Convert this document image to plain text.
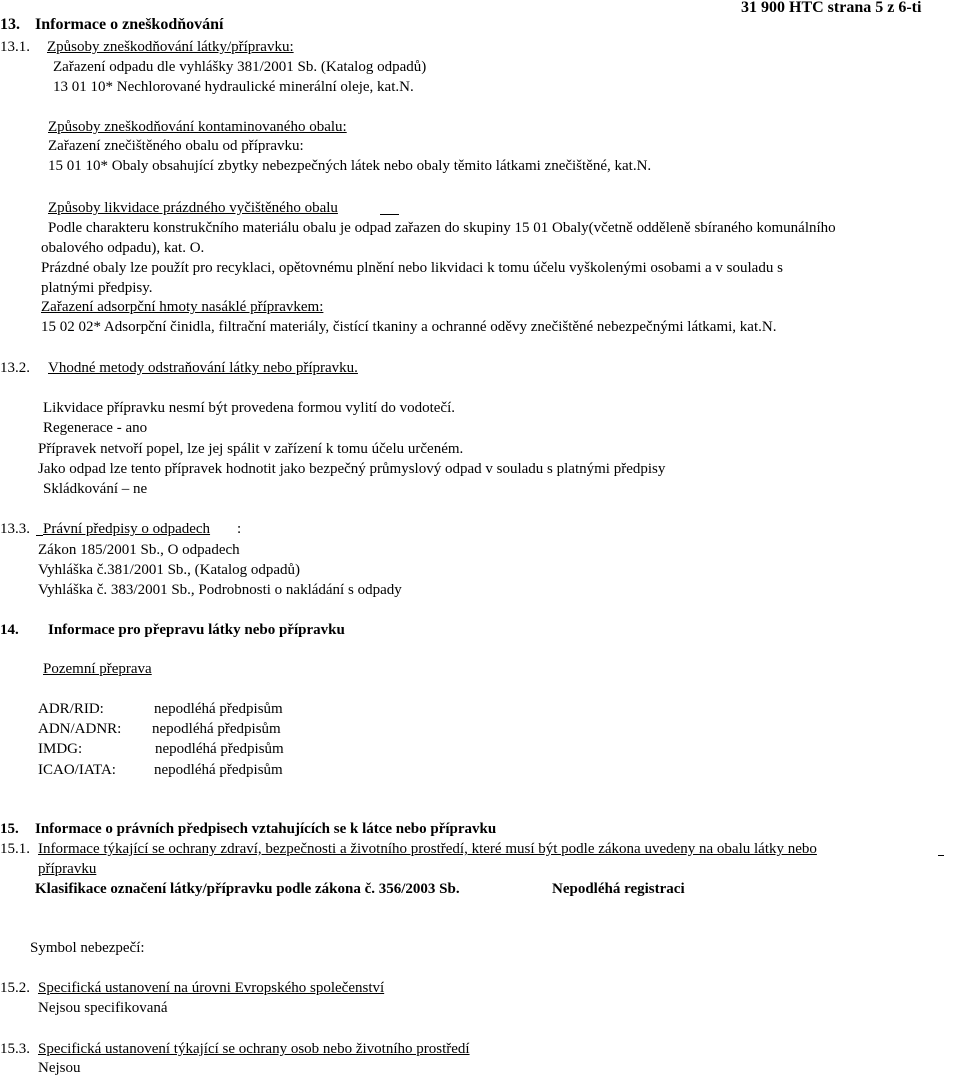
31 900 HTC strana 5 z 6-ti
13. Informace o zneškodňování
13.1. Způsoby zneškodňování látky/přípravku:
Zařazení odpadu dle vyhlášky 381/2001 Sb. (Katalog odpadů)
13 01 10* Nechlorované hydraulické minerální oleje, kat.N.
Způsoby zneškodňování kontaminovaného obalu:
Zařazení znečištěného obalu od přípravku:
15 01 10* Obaly obsahující zbytky nebezpečných látek nebo obaly těmito látkami znečištěné, kat.N.
Způsoby likvidace prázdného vyčištěného obalu
Podle charakteru konstrukčního materiálu obalu je odpad zařazen do skupiny 15 01 Obaly(včetně odděleně sbíraného komunálního
obalového odpadu), kat. O.
Prázdné obaly lze použít pro recyklaci, opětovnému plnění nebo likvidaci k tomu účelu vyškolenými osobami a v souladu s
platnými předpisy.
Zařazení adsorpční hmoty nasáklé přípravkem:
15 02 02* Adsorpční činidla, filtrační materiály, čistící tkaniny a ochranné oděvy znečištěné nebezpečnými látkami, kat.N.
13.2. Vhodné metody odstraňování látky nebo přípravku.
Likvidace přípravku nesmí být provedena formou vylití do vodotečí.
Regenerace - ano
Přípravek netvoří popel, lze jej spálit v zařízení k tomu účelu určeném.
Jako odpad lze tento přípravek hodnotit jako bezpečný průmyslový odpad v souladu s platnými předpisy
Skládkování – ne
13.3. Právní předpisy o odpadech :
Zákon 185/2001 Sb., O odpadech
Vyhláška č.381/2001 Sb., (Katalog odpadů)
Vyhláška č. 383/2001 Sb., Podrobnosti o nakládání s odpady
14. Informace pro přepravu látky nebo přípravku
Pozemní přeprava
ADR/RID:	nepodléhá předpisům
ADN/ADNR: nepodléhá předpisům
IMDG:	nepodléhá předpisům
ICAO/IATA:	nepodléhá předpisům
15. Informace o právních předpisech vztahujících se k látce nebo přípravku
15.1. Informace týkající se ochrany zdraví, bezpečnosti a životního prostředí, které musí být podle zákona uvedeny na obalu látky nebo
přípravku
Klasifikace označení látky/přípravku podle zákona č. 356/2003 Sb.	Nepodléhá registraci
Symbol nebezpečí:
15.2. Specifická ustanovení na úrovni Evropského společenství
Nejsou specifikovaná
15.3. Specifická ustanovení týkající se ochrany osob nebo životního prostředí
Nejsou
